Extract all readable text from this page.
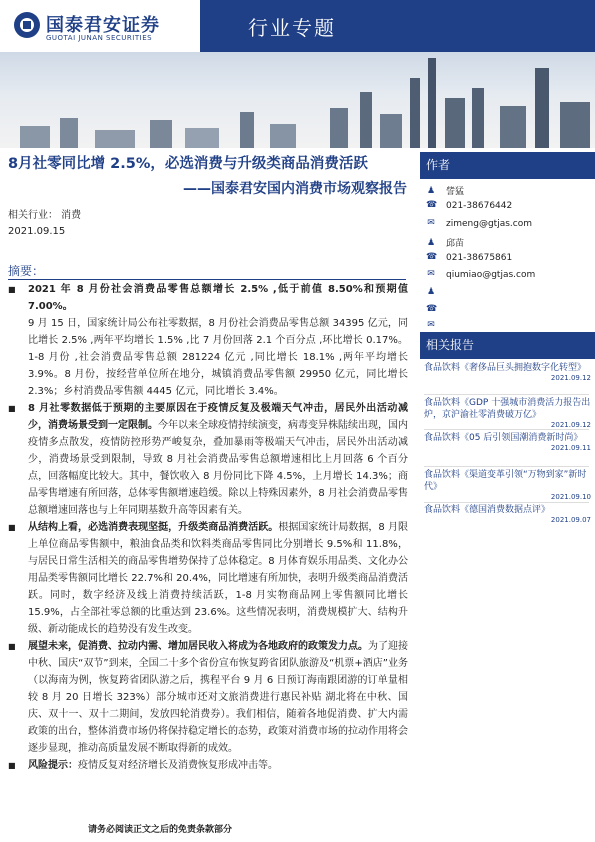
国泰君安证券
GUOTAI JUNAN SECURITIES	行业专题
8月社零同比增 2.5%，必选消费与升级类商品消费活跃
——国泰君安国内消费市场观察报告
相关行业： 消费
2021.09.15
摘要：

■ 2021 年 8 月份社会消费品零售总额增长 2.5% ,低于前值 8.50%和预期值 7.00%。
9 月 15 日，国家统计局公布社零数据，8 月份社会消费品零售总额 34395 亿元，同比增长 2.5% ,两年平均增长 1.5% ,比 7 月份回落 2.1 个百分点 ,环比增长 0.17%。1-8 月份 ,社会消费品零售总额 281224 亿元 ,同比增长 18.1% ,两年平均增长 3.9%。8 月份，按经营单位所在地分，城镇消费品零售额 29950 亿元，同比增长 2.3%；乡村消费品零售额 4445 亿元，同比增长 3.4%。

■ 8 月社零数据低于预期的主要原因在于疫情反复及极端天气冲击，居民外出活动减少，消费场景受到一定限制。今年以来全球疫情持续演变，病毒变异株陆续出现，国内疫情多点散发，疫情防控形势严峻复杂，叠加暴雨等极端天气冲击，居民外出活动减少，消费场景受到限制，导致 8 月社会消费品零售总额增速相比上月回落 6 个百分点，回落幅度比较大。其中，餐饮收入 8 月份同比下降 4.5%，上月增长 14.3%；商品零售增速有所回落，总体零售额增速趋缓。除以上特殊因素外，8 月社会消费品零售总额增速回落也与上年同期基数升高等因素有关。

■ 从结构上看，必选消费表现坚挺，升级类商品消费活跃。根据国家统计局数据，8 月限上单位商品零售额中，粮油食品类和饮料类商品零售同比分别增长 9.5%和 11.8%，与居民日常生活相关的商品零售增势保持了总体稳定。8 月体育娱乐用品类、文化办公用品类零售额同比增长 22.7%和 20.4%，同比增速有所加快，表明升级类商品消费活跃。同时，数字经济及线上消费持续活跃，1-8 月实物商品网上零售额同比增长 15.9%，占全部社零总额的比重达到 23.6%。这些情况表明，消费规模扩大、结构升级、新动能成长的趋势没有发生改变。

■ 展望未来，促消费、拉动内需、增加居民收入将成为各地政府的政策发力点。为了迎接中秋、国庆“双节”到来，全国二十多个省份宣布恢复跨省团队旅游及“机票+酒店”业务（以海南为例，恢复跨省团队游之后，携程平台 9 月 6 日预订海南跟团游的订单量相较 8 月 20 日增长 323%）部分城市还对文旅消费进行惠民补贴 湖北将在中秋、国庆、双十一、双十二期间，发放四轮消费券）。我们相信，随着各地促消费、扩大内需政策的出台，整体消费市场仍将保持稳定增长的态势，政策对消费市场的拉动作用将会逐步显现，推动高质量发展不断取得新的成效。

■ 风险提示：疫情反复对经济增长及消费恢复形成冲击等。

作者
♟ 訾猛
☎ 021-38676442
✉ zimeng@gtjas.com
♟ 邱苗
☎ 021-38675861
✉ qiumiao@gtjas.com
♟
☎
✉
相关报告
食品饮料《奢侈品巨头拥抱数字化转型》
2021.09.12
食品饮料《GDP 十强城市消费活力报告出炉，京沪渝社零消费破万亿》
2021.09.12
食品饮料《05 后引领国潮消费新时尚》
2021.09.11
食品饮料《渠道变革引领“万物到家”新时代》
2021.09.10
食品饮料《德国消费数据点评》
2021.09.07
请务必阅读正文之后的免责条款部分
